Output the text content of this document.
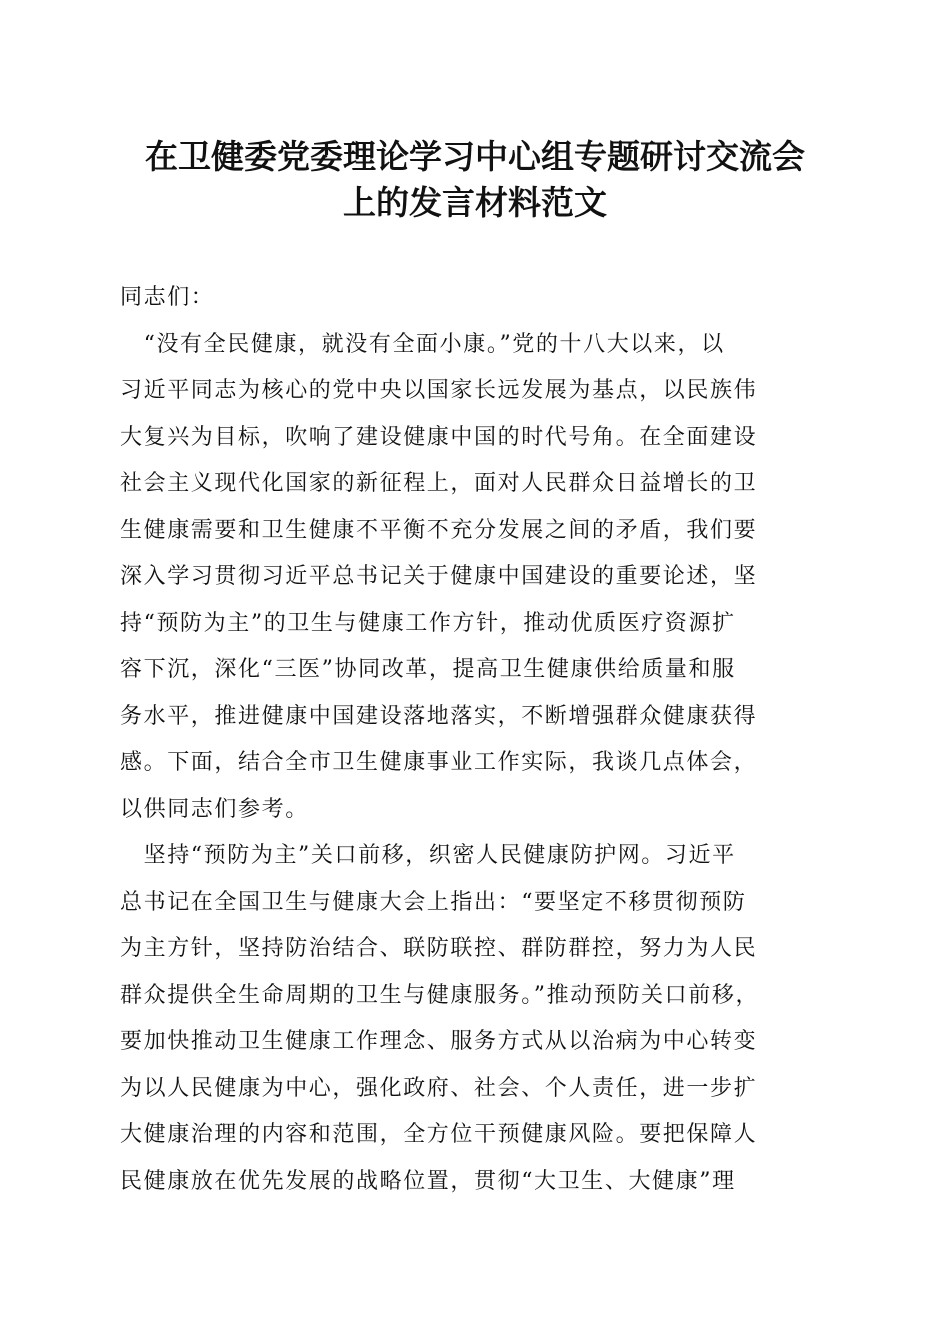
在卫健委党委理论学习中心组专题研讨交流会
上的发言材料范文
同志们：
　“没有全民健康，就没有全面小康。”党的十八大以来，以
习近平同志为核心的党中央以国家长远发展为基点，以民族伟
大复兴为目标，吹响了建设健康中国的时代号角。在全面建设
社会主义现代化国家的新征程上，面对人民群众日益增长的卫
生健康需要和卫生健康不平衡不充分发展之间的矛盾，我们要
深入学习贯彻习近平总书记关于健康中国建设的重要论述，坚
持“预防为主”的卫生与健康工作方针，推动优质医疗资源扩
容下沉，深化“三医”协同改革，提高卫生健康供给质量和服
务水平，推进健康中国建设落地落实，不断增强群众健康获得
感。下面，结合全市卫生健康事业工作实际，我谈几点体会，
以供同志们参考。
　坚持“预防为主”关口前移，织密人民健康防护网。习近平
总书记在全国卫生与健康大会上指出：“要坚定不移贯彻预防
为主方针，坚持防治结合、联防联控、群防群控，努力为人民
群众提供全生命周期的卫生与健康服务。”推动预防关口前移，
要加快推动卫生健康工作理念、服务方式从以治病为中心转变
为以人民健康为中心，强化政府、社会、个人责任，进一步扩
大健康治理的内容和范围，全方位干预健康风险。要把保障人
民健康放在优先发展的战略位置，贯彻“大卫生、大健康”理
